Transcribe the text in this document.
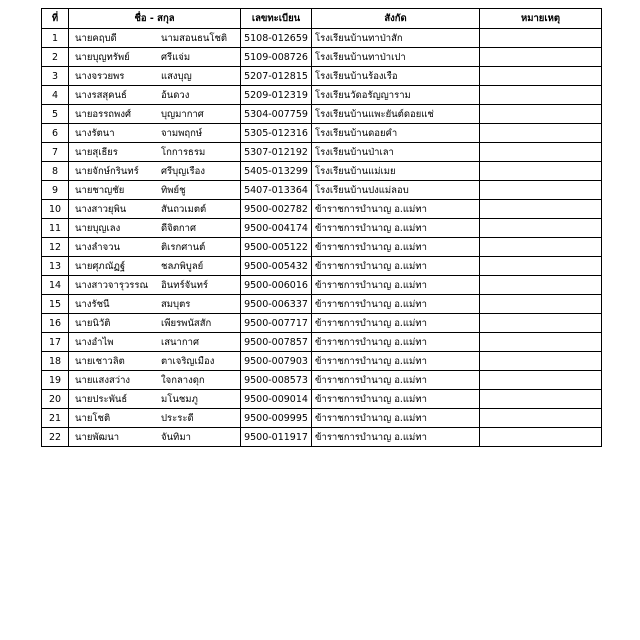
ที่	ชื่อ - สกุล	เลขทะเบียน	สังกัด	หมายเหตุ
1	นายคฤบดี นามสอนธนโชติ	5108-012659	โรงเรียนบ้านทาป่าสัก	
2	นายบุญทรัพย์ ศรีแจ่ม	5109-008726	โรงเรียนบ้านทาป่าเปา	
3	นางจรวยพร แสงบุญ	5207-012815	โรงเรียนบ้านร้องเรือ	
4	นางรสสุคนธ์ อ้นดวง	5209-012319	โรงเรียนวัดอรัญญาราม	
5	นายอรรถพงศ์ บุญมากาศ	5304-007759	โรงเรียนบ้านแพะยันต์ดอยแช่	
6	นางรัตนา จามพฤกษ์	5305-012316	โรงเรียนบ้านดอยคำ	
7	นายสุเธียร โกการธรม	5307-012192	โรงเรียนบ้านป่าเลา	
8	นายจักษ์กรินทร์ ศรีบุญเรือง	5405-013299	โรงเรียนบ้านแม่เมย	
9	นายชาญชัย ทิพย์ชู	5407-013364	โรงเรียนบ้านปงแม่ลอบ	
10	นางสาวยุพิน สันถวเมตต์	9500-002782	ข้าราชการบำนาญ อ.แม่ทา	
11	นายบุญเลง ดีจิตกาศ	9500-004174	ข้าราชการบำนาญ อ.แม่ทา	
12	นางลำจวน ติเรกศานต์	9500-005122	ข้าราชการบำนาญ อ.แม่ทา	
13	นายศุภณัฏฐ์ ชลภพิบูลย์	9500-005432	ข้าราชการบำนาญ อ.แม่ทา	
14	นางสาวจารุวรรณ อินทร์จันทร์	9500-006016	ข้าราชการบำนาญ อ.แม่ทา	
15	นางรัชนี สมบุตร	9500-006337	ข้าราชการบำนาญ อ.แม่ทา	
16	นายนิวัติ เพียรพนัสสัก	9500-007717	ข้าราชการบำนาญ อ.แม่ทา	
17	นางอำไพ เสนากาศ	9500-007857	ข้าราชการบำนาญ อ.แม่ทา	
18	นายเชาวลิต ตาเจริญเมือง	9500-007903	ข้าราชการบำนาญ อ.แม่ทา	
19	นายแสงสว่าง ใจกลางดุก	9500-008573	ข้าราชการบำนาญ อ.แม่ทา	
20	นายประพันธ์ มโนชมภู	9500-009014	ข้าราชการบำนาญ อ.แม่ทา	
21	นายโชติ ประระดี	9500-009995	ข้าราชการบำนาญ อ.แม่ทา	
22	นายพัฒนา จันทิมา	9500-011917	ข้าราชการบำนาญ อ.แม่ทา	
